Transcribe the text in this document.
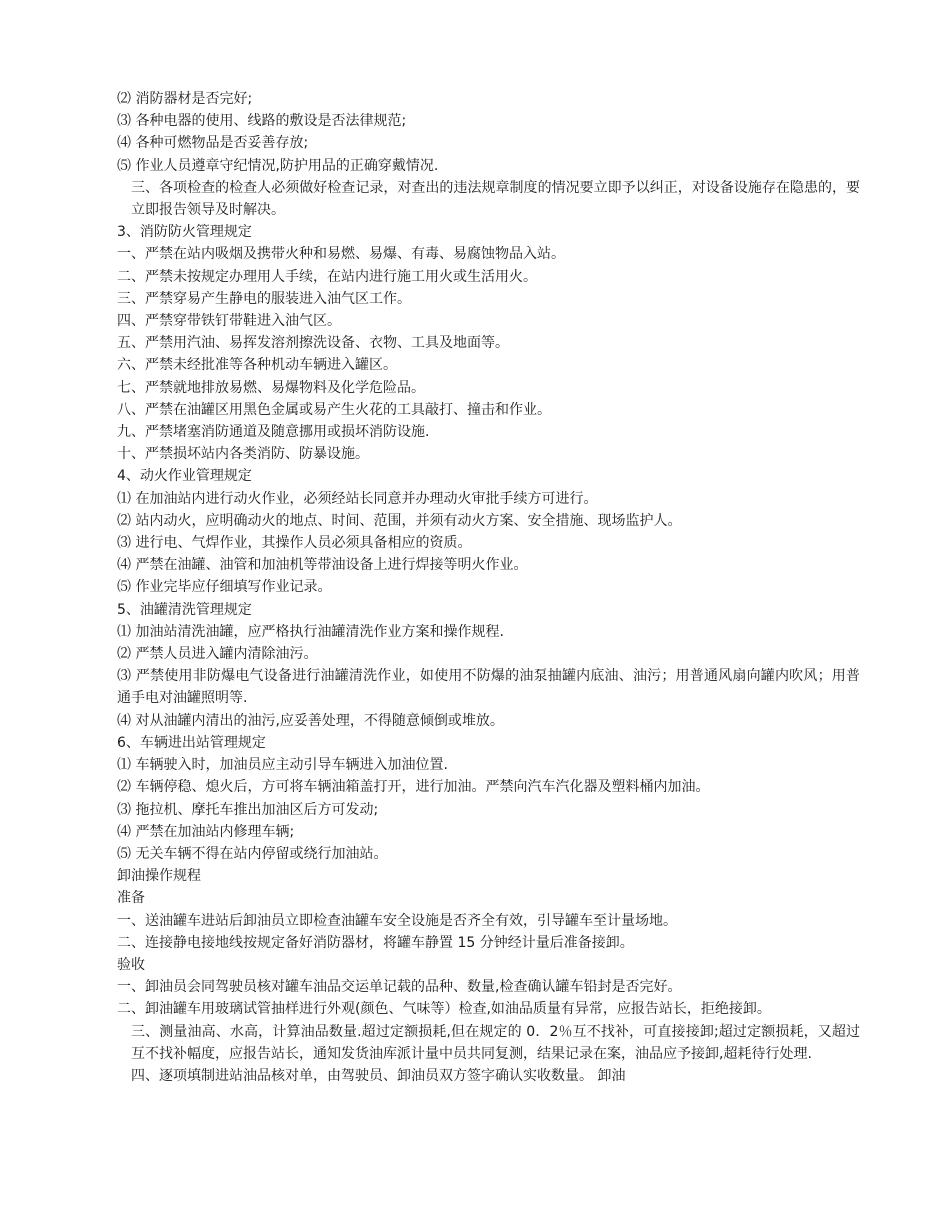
⑵ 消防器材是否完好;

⑶ 各种电器的使用、线路的敷设是否法律规范;

⑷ 各种可燃物品是否妥善存放;

⑸ 作业人员遵章守纪情况,防护用品的正确穿戴情况.

三、各项检查的检查人必须做好检查记录，对查出的违法规章制度的情况要立即予以纠正，对设备设施存在隐患的，要立即报告领导及时解决。

3、消防防火管理规定

一、严禁在站内吸烟及携带火种和易燃、易爆、有毒、易腐蚀物品入站。

二、严禁未按规定办理用人手续，在站内进行施工用火或生活用火。

三、严禁穿易产生静电的服装进入油气区工作。

四、严禁穿带铁钉带鞋进入油气区。

五、严禁用汽油、易挥发溶剂擦洗设备、衣物、工具及地面等。

六、严禁未经批准等各种机动车辆进入罐区。

七、严禁就地排放易燃、易爆物料及化学危险品。

八、严禁在油罐区用黑色金属或易产生火花的工具敲打、撞击和作业。

九、严禁堵塞消防通道及随意挪用或损坏消防设施.

十、严禁损坏站内各类消防、防暴设施。

4、动火作业管理规定

⑴ 在加油站内进行动火作业，必须经站长同意并办理动火审批手续方可进行。

⑵ 站内动火，应明确动火的地点、时间、范围，并须有动火方案、安全措施、现场监护人。

⑶ 进行电、气焊作业，其操作人员必须具备相应的资质。

⑷ 严禁在油罐、油管和加油机等带油设备上进行焊接等明火作业。

⑸ 作业完毕应仔细填写作业记录。

5、油罐清洗管理规定

⑴ 加油站清洗油罐，应严格执行油罐清洗作业方案和操作规程.

⑵ 严禁人员进入罐内清除油污。

⑶ 严禁使用非防爆电气设备进行油罐清洗作业，如使用不防爆的油泵抽罐内底油、油污；用普通风扇向罐内吹风；用普通手电对油罐照明等.

⑷ 对从油罐内清出的油污,应妥善处理，不得随意倾倒或堆放。

6、车辆进出站管理规定

⑴ 车辆驶入时，加油员应主动引导车辆进入加油位置.

⑵ 车辆停稳、熄火后，方可将车辆油箱盖打开，进行加油。严禁向汽车汽化器及塑料桶内加油。

⑶ 拖拉机、摩托车推出加油区后方可发动;

⑷ 严禁在加油站内修理车辆;

⑸ 无关车辆不得在站内停留或绕行加油站。

卸油操作规程

准备

一、送油罐车进站后卸油员立即检查油罐车安全设施是否齐全有效，引导罐车至计量场地。

二、连接静电接地线按规定备好消防器材，将罐车静置 15 分钟经计量后准备接卸。

验收

一、卸油员会同驾驶员核对罐车油品交运单记载的品种、数量,检查确认罐车铅封是否完好。

二、卸油罐车用玻璃试管抽样进行外观(颜色、气味等）检查,如油品质量有异常，应报告站长，拒绝接卸。

三、测量油高、水高，计算油品数量.超过定额损耗,但在规定的 0．2％互不找补，可直接接卸;超过定额损耗，又超过互不找补幅度，应报告站长，通知发货油库派计量中员共同复测，结果记录在案，油品应予接卸,超耗待行处理.

四、逐项填制进站油品核对单，由驾驶员、卸油员双方签字确认实收数量。 卸油
